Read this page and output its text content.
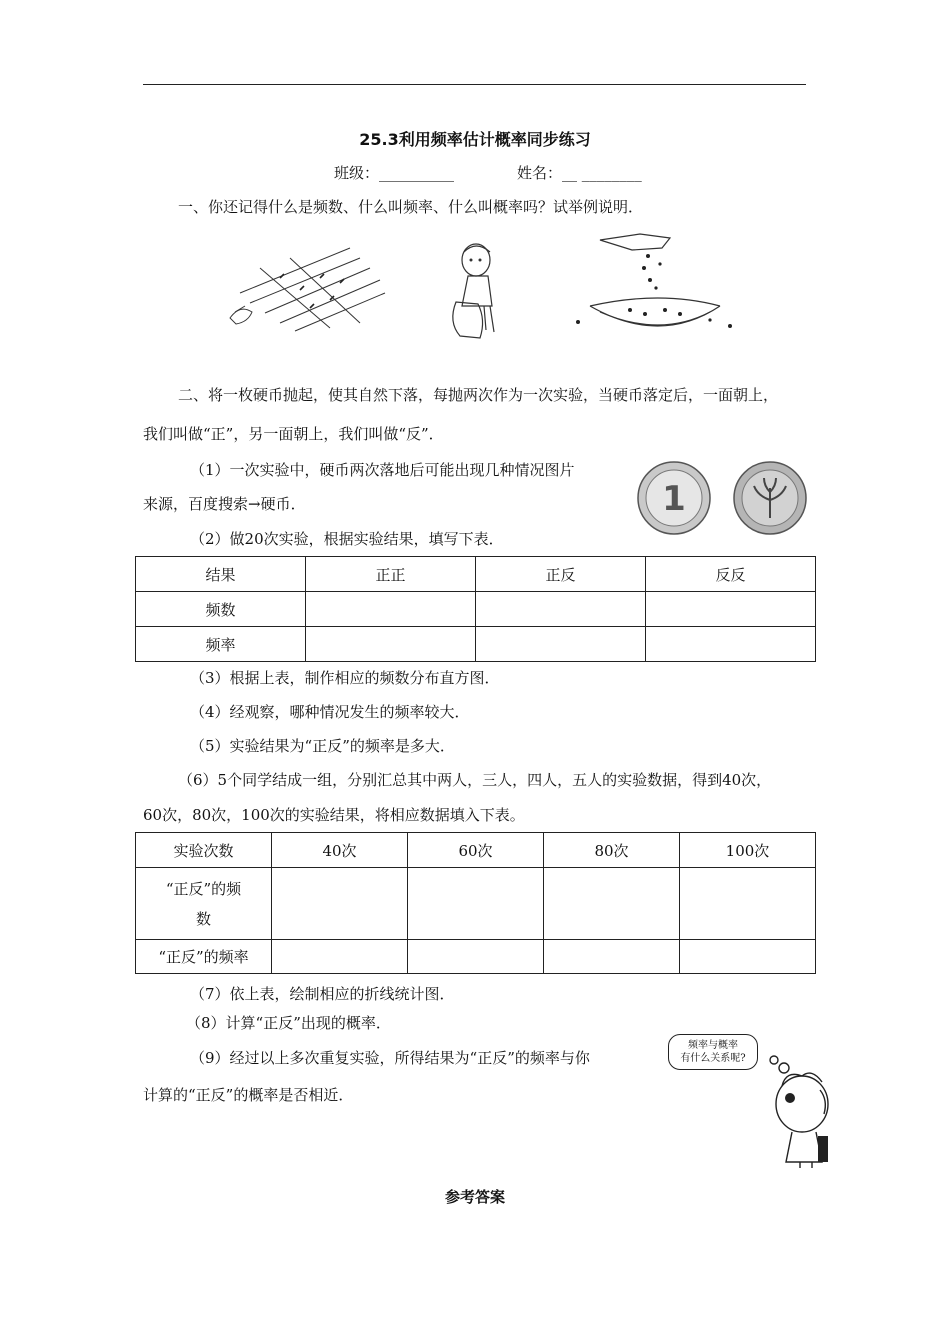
25.3利用频率估计概率同步练习
班级：__________	姓名：__ ________
一、你还记得什么是频数、什么叫频率、什么叫概率吗？试举例说明．
二、将一枚硬币抛起，使其自然下落，每抛两次作为一次实验，当硬币落定后，一面朝上，
我们叫做“正”，另一面朝上，我们叫做“反”．
（1）一次实验中，硬币两次落地后可能出现几种情况图片
来源，百度搜索→硬币．
（2）做20次实验，根据实验结果，填写下表．
1
结果	正正	正反	反反
频数			
频率			
（3）根据上表，制作相应的频数分布直方图．
（4）经观察，哪种情况发生的频率较大．
（5）实验结果为“正反”的频率是多大．
（6）5个同学结成一组，分别汇总其中两人，三人，四人，五人的实验数据，得到40次，
60次，80次，100次的实验结果，将相应数据填入下表。
实验次数	40次	60次	80次	100次
“正反”的频
数				
“正反”的频率				
（7）依上表，绘制相应的折线统计图．
（8）计算“正反”出现的概率．
（9）经过以上多次重复实验，所得结果为“正反”的频率与你
计算的“正反”的概率是否相近．
频率与概率
有什么关系呢?
参考答案
